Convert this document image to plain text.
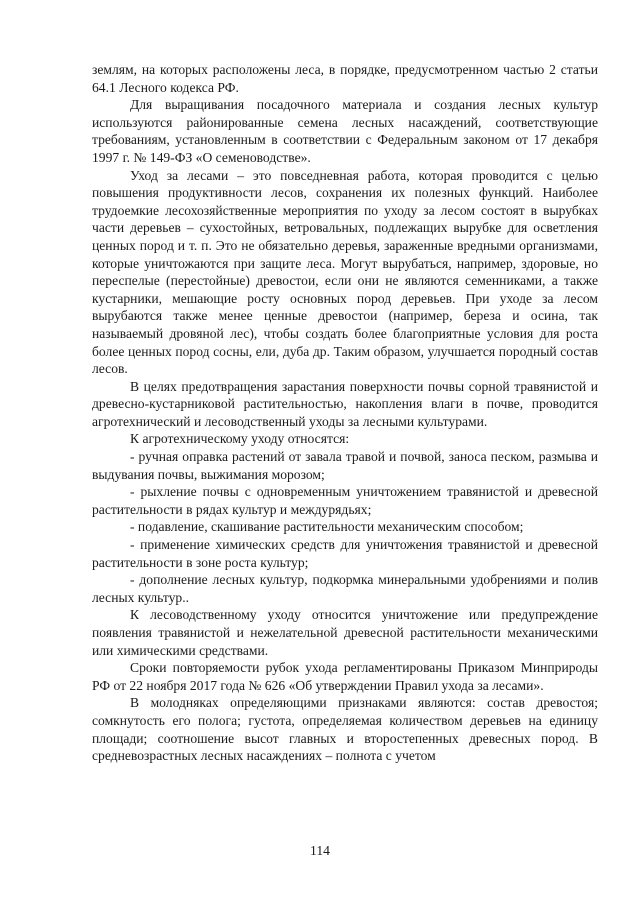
землям, на которых расположены леса, в порядке, предусмотренном частью 2 статьи 64.1 Лесного кодекса РФ.

Для выращивания посадочного материала и создания лесных культур используются районированные семена лесных насаждений, соответствующие требованиям, установленным в соответствии с Федеральным законом от 17 декабря 1997 г. № 149-ФЗ «О семеноводстве».

Уход за лесами – это повседневная работа, которая проводится с целью повышения продуктивности лесов, сохранения их полезных функций. Наиболее трудоемкие лесохозяйственные мероприятия по уходу за лесом состоят в вырубках части деревьев – сухостойных, ветровальных, подлежащих вырубке для осветления ценных пород и т. п. Это не обязательно деревья, зараженные вредными организмами, которые уничтожаются при защите леса. Могут вырубаться, например, здоровые, но переспелые (перестойные) древостои, если они не являются семенниками, а также кустарники, мешающие росту основных пород деревьев. При уходе за лесом вырубаются также менее ценные древостои (например, береза и осина, так называемый дровяной лес), чтобы создать более благоприятные условия для роста более ценных пород сосны, ели, дуба др. Таким образом, улучшается породный состав лесов.

В целях предотвращения зарастания поверхности почвы сорной травянистой и древесно-кустарниковой растительностью, накопления влаги в почве, проводится агротехнический и лесоводственный уходы за лесными культурами.

К агротехническому уходу относятся:

- ручная оправка растений от завала травой и почвой, заноса песком, размыва и выдувания почвы, выжимания морозом;

- рыхление почвы с одновременным уничтожением травянистой и древесной растительности в рядах культур и междурядьях;

- подавление, скашивание растительности механическим способом;

- применение химических средств для уничтожения травянистой и древесной растительности в зоне роста культур;

- дополнение лесных культур, подкормка минеральными удобрениями и полив лесных культур..

К лесоводственному уходу относится уничтожение или предупреждение появления травянистой и нежелательной древесной растительности механическими или химическими средствами.

Сроки повторяемости рубок ухода регламентированы Приказом Минприроды РФ от 22 ноября 2017 года № 626 «Об утверждении Правил ухода за лесами».

В молодняках определяющими признаками являются: состав древостоя; сомкнутость его полога; густота, определяемая количеством деревьев на единицу площади; соотношение высот главных и второстепенных древесных пород. В средневозрастных лесных насаждениях – полнота с учетом

114
